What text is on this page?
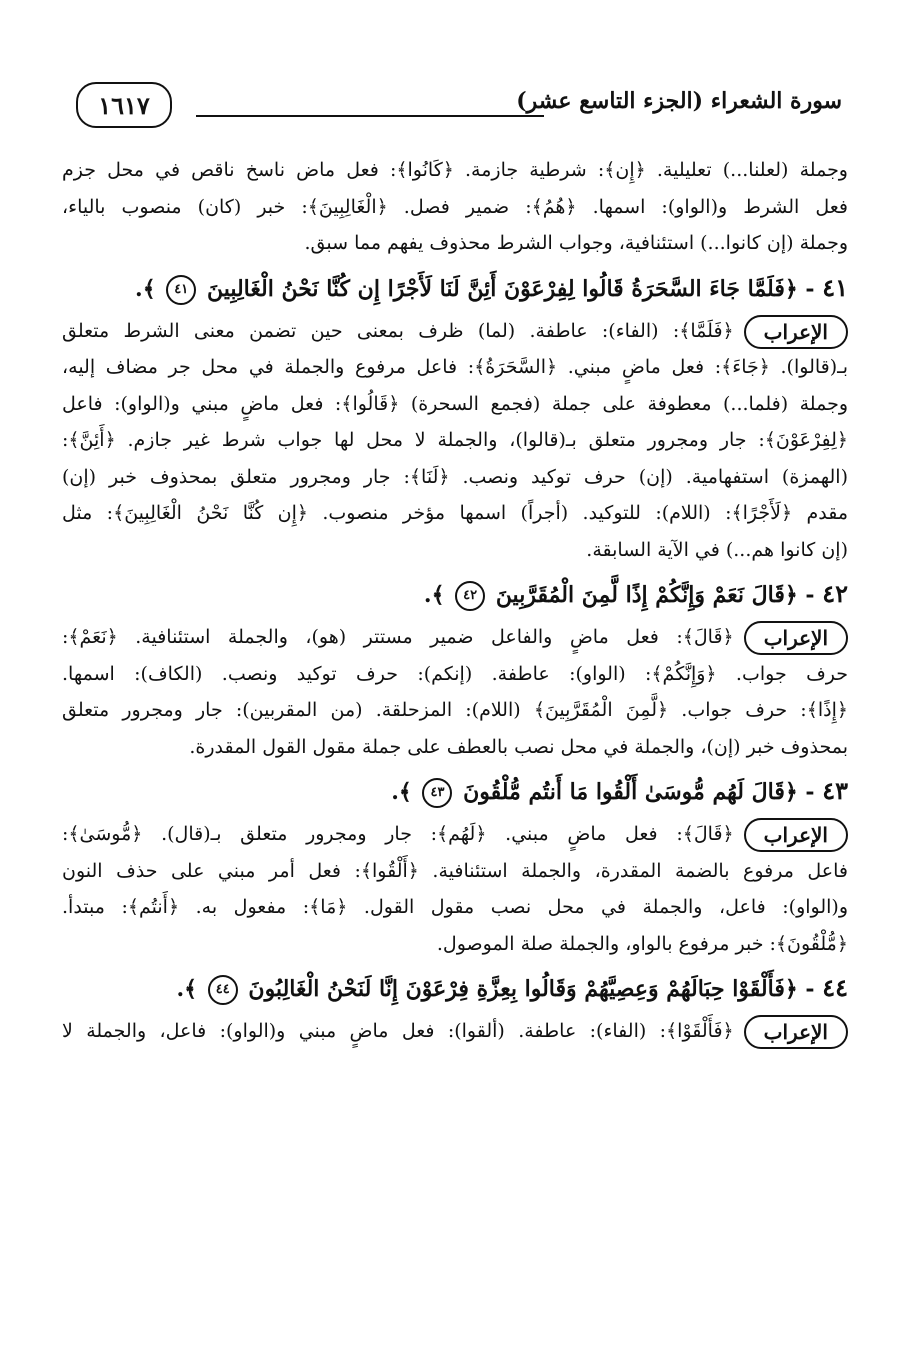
سورة الشعراء (الجزء التاسع عشر)
١٦١٧

وجملة (لعلنا...) تعليلية. ﴿إِن﴾: شرطية جازمة. ﴿كَانُوا﴾: فعل ماض ناسخ ناقص في محل جزم

فعل الشرط و(الواو): اسمها. ﴿هُمُ﴾: ضمير فصل. ﴿الْغَالِبِينَ﴾: خبر (كان) منصوب بالياء،

وجملة (إن كانوا...) استئنافية، وجواب الشرط محذوف يفهم مما سبق.

٤١ - ﴿فَلَمَّا جَاءَ السَّحَرَةُ قَالُوا لِفِرْعَوْنَ أَئِنَّ لَنَا لَأَجْرًا إِن كُنَّا نَحْنُ الْغَالِبِينَ ٤١ ﴾.

الإعراب﴿فَلَمَّا﴾: (الفاء): عاطفة. (لما) ظرف بمعنى حين تضمن معنى الشرط متعلق

بـ(قالوا). ﴿جَاءَ﴾: فعل ماضٍ مبني. ﴿السَّحَرَةُ﴾: فاعل مرفوع والجملة في محل جر مضاف إليه،

وجملة (فلما...) معطوفة على جملة (فجمع السحرة) ﴿قَالُوا﴾: فعل ماضٍ مبني و(الواو): فاعل

﴿لِفِرْعَوْنَ﴾: جار ومجرور متعلق بـ(قالوا)، والجملة لا محل لها جواب شرط غير جازم. ﴿أَئِنَّ﴾:

(الهمزة) استفهامية. (إن) حرف توكيد ونصب. ﴿لَنَا﴾: جار ومجرور متعلق بمحذوف خبر (إن)

مقدم ﴿لَأَجْرًا﴾: (اللام): للتوكيد. (أجراً) اسمها مؤخر منصوب. ﴿إِن كُنَّا نَحْنُ الْغَالِبِينَ﴾: مثل

(إن كانوا هم...) في الآية السابقة.

٤٢ - ﴿قَالَ نَعَمْ وَإِنَّكُمْ إِذًا لَّمِنَ الْمُقَرَّبِينَ ٤٢ ﴾.

الإعراب﴿قَالَ﴾: فعل ماضٍ والفاعل ضمير مستتر (هو)، والجملة استئنافية. ﴿نَعَمْ﴾:

حرف جواب. ﴿وَإِنَّكُمْ﴾: (الواو): عاطفة. (إنكم): حرف توكيد ونصب. (الكاف): اسمها.

﴿إِذًا﴾: حرف جواب. ﴿لَّمِنَ الْمُقَرَّبِينَ﴾ (اللام): المزحلقة. (من المقربين): جار ومجرور متعلق

بمحذوف خبر (إن)، والجملة في محل نصب بالعطف على جملة مقول القول المقدرة.

٤٣ - ﴿قَالَ لَهُم مُّوسَىٰ أَلْقُوا مَا أَنتُم مُّلْقُونَ ٤٣ ﴾.

الإعراب﴿قَالَ﴾: فعل ماضٍ مبني. ﴿لَهُم﴾: جار ومجرور متعلق بـ(قال). ﴿مُّوسَىٰ﴾:

فاعل مرفوع بالضمة المقدرة، والجملة استئنافية. ﴿أَلْقُوا﴾: فعل أمر مبني على حذف النون

و(الواو): فاعل، والجملة في محل نصب مقول القول. ﴿مَا﴾: مفعول به. ﴿أَنتُم﴾: مبتدأ.

﴿مُّلْقُونَ﴾: خبر مرفوع بالواو، والجملة صلة الموصول.

٤٤ - ﴿فَأَلْقَوْا حِبَالَهُمْ وَعِصِيَّهُمْ وَقَالُوا بِعِزَّةِ فِرْعَوْنَ إِنَّا لَنَحْنُ الْغَالِبُونَ ٤٤ ﴾.

الإعراب﴿فَأَلْقَوْا﴾: (الفاء): عاطفة. (ألقوا): فعل ماضٍ مبني و(الواو): فاعل، والجملة لا
